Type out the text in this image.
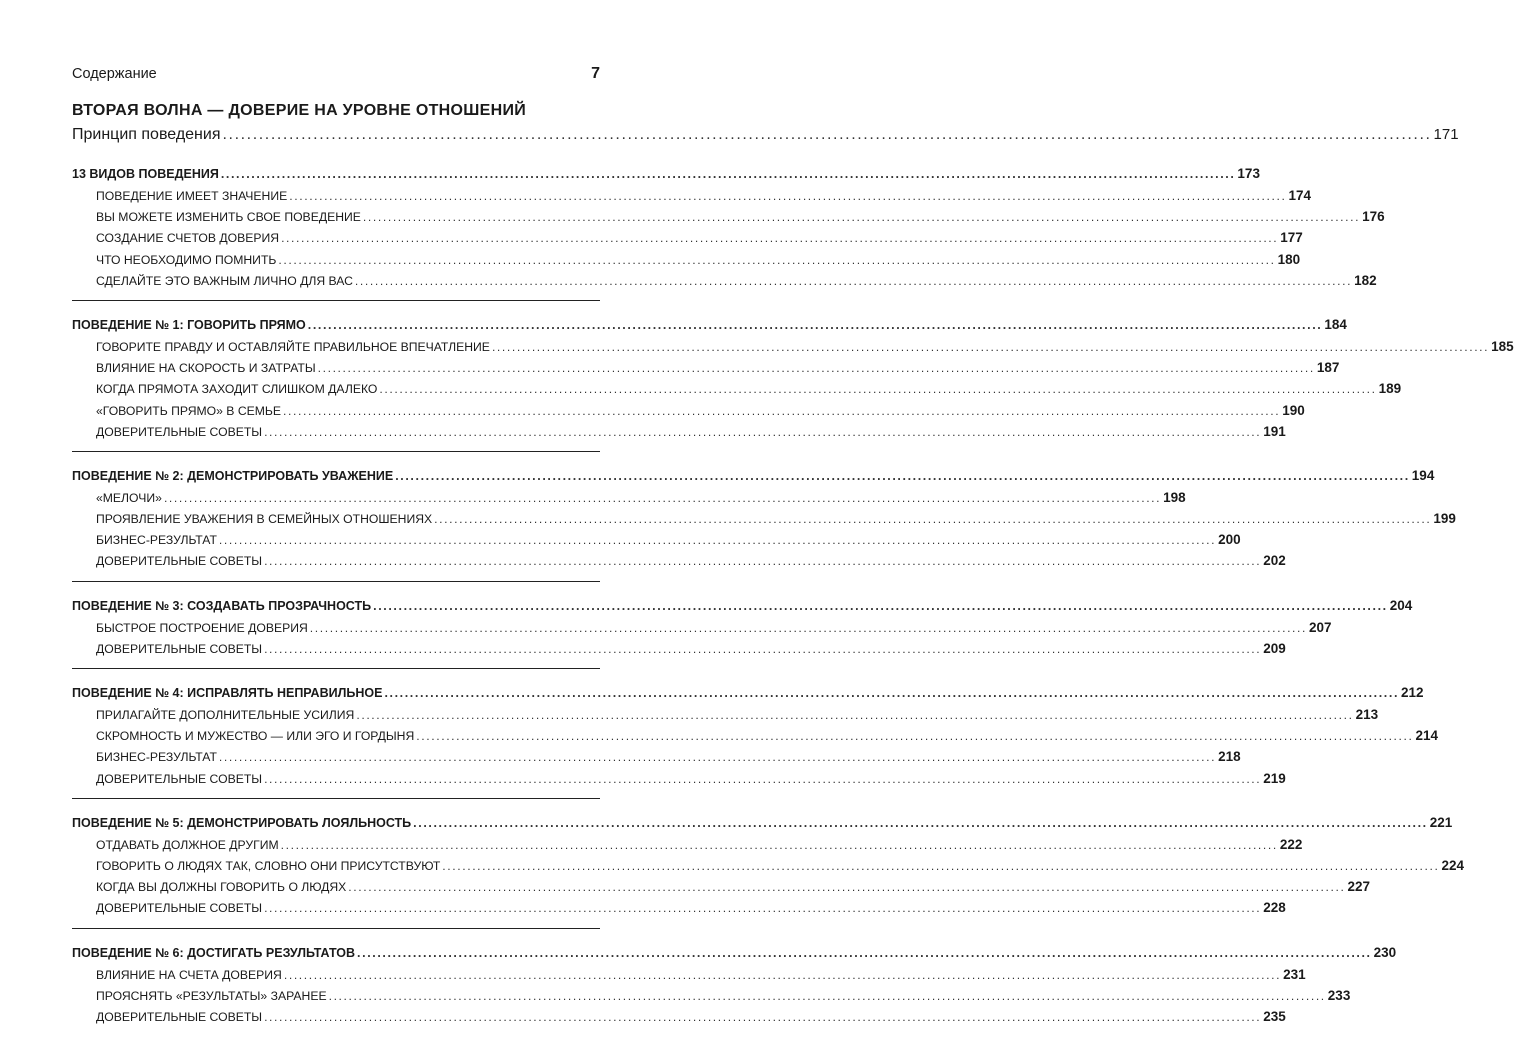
Содержание	7
ВТОРАЯ ВОЛНА — ДОВЕРИЕ НА УРОВНЕ ОТНОШЕНИЙ
Принцип поведения ........................................................................................................................................................................................................ 171
13 ВИДОВ ПОВЕДЕНИЯ ........................................................................................................................................................................................................ 173
ПОВЕДЕНИЕ ИМЕЕТ ЗНАЧЕНИЕ ........................................................................................................................................................................................................ 174
ВЫ МОЖЕТЕ ИЗМЕНИТЬ СВОЕ ПОВЕДЕНИЕ ........................................................................................................................................................................................................ 176
СОЗДАНИЕ СЧЕТОВ ДОВЕРИЯ ........................................................................................................................................................................................................ 177
ЧТО НЕОБХОДИМО ПОМНИТЬ ........................................................................................................................................................................................................ 180
СДЕЛАЙТЕ ЭТО ВАЖНЫМ ЛИЧНО ДЛЯ ВАС ........................................................................................................................................................................................................ 182
ПОВЕДЕНИЕ № 1: ГОВОРИТЬ ПРЯМО ........................................................................................................................................................................................................ 184
ГОВОРИТЕ ПРАВДУ И ОСТАВЛЯЙТЕ ПРАВИЛЬНОЕ ВПЕЧАТЛЕНИЕ ........................................................................................................................................................................................................ 185
ВЛИЯНИЕ НА СКОРОСТЬ И ЗАТРАТЫ ........................................................................................................................................................................................................ 187
КОГДА ПРЯМОТА ЗАХОДИТ СЛИШКОМ ДАЛЕКО ........................................................................................................................................................................................................ 189
«ГОВОРИТЬ ПРЯМО» В СЕМЬЕ ........................................................................................................................................................................................................ 190
ДОВЕРИТЕЛЬНЫЕ СОВЕТЫ ........................................................................................................................................................................................................ 191
ПОВЕДЕНИЕ № 2: ДЕМОНСТРИРОВАТЬ УВАЖЕНИЕ ........................................................................................................................................................................................................ 194
«МЕЛОЧИ» ........................................................................................................................................................................................................ 198
ПРОЯВЛЕНИЕ УВАЖЕНИЯ В СЕМЕЙНЫХ ОТНОШЕНИЯХ ........................................................................................................................................................................................................ 199
БИЗНЕС-РЕЗУЛЬТАТ ........................................................................................................................................................................................................ 200
ДОВЕРИТЕЛЬНЫЕ СОВЕТЫ ........................................................................................................................................................................................................ 202
ПОВЕДЕНИЕ № 3: СОЗДАВАТЬ ПРОЗРАЧНОСТЬ ........................................................................................................................................................................................................ 204
БЫСТРОЕ ПОСТРОЕНИЕ ДОВЕРИЯ ........................................................................................................................................................................................................ 207
ДОВЕРИТЕЛЬНЫЕ СОВЕТЫ ........................................................................................................................................................................................................ 209
ПОВЕДЕНИЕ № 4: ИСПРАВЛЯТЬ НЕПРАВИЛЬНОЕ ........................................................................................................................................................................................................ 212
ПРИЛАГАЙТЕ ДОПОЛНИТЕЛЬНЫЕ УСИЛИЯ ........................................................................................................................................................................................................ 213
СКРОМНОСТЬ И МУЖЕСТВО — ИЛИ ЭГО И ГОРДЫНЯ ........................................................................................................................................................................................................ 214
БИЗНЕС-РЕЗУЛЬТАТ ........................................................................................................................................................................................................ 218
ДОВЕРИТЕЛЬНЫЕ СОВЕТЫ ........................................................................................................................................................................................................ 219
ПОВЕДЕНИЕ № 5: ДЕМОНСТРИРОВАТЬ ЛОЯЛЬНОСТЬ ........................................................................................................................................................................................................ 221
ОТДАВАТЬ ДОЛЖНОЕ ДРУГИМ ........................................................................................................................................................................................................ 222
ГОВОРИТЬ О ЛЮДЯХ ТАК, СЛОВНО ОНИ ПРИСУТСТВУЮТ ........................................................................................................................................................................................................ 224
КОГДА ВЫ ДОЛЖНЫ ГОВОРИТЬ О ЛЮДЯХ ........................................................................................................................................................................................................ 227
ДОВЕРИТЕЛЬНЫЕ СОВЕТЫ ........................................................................................................................................................................................................ 228
ПОВЕДЕНИЕ № 6: ДОСТИГАТЬ РЕЗУЛЬТАТОВ ........................................................................................................................................................................................................ 230
ВЛИЯНИЕ НА СЧЕТА ДОВЕРИЯ ........................................................................................................................................................................................................ 231
ПРОЯСНЯТЬ «РЕЗУЛЬТАТЫ» ЗАРАНЕЕ ........................................................................................................................................................................................................ 233
ДОВЕРИТЕЛЬНЫЕ СОВЕТЫ ........................................................................................................................................................................................................ 235
